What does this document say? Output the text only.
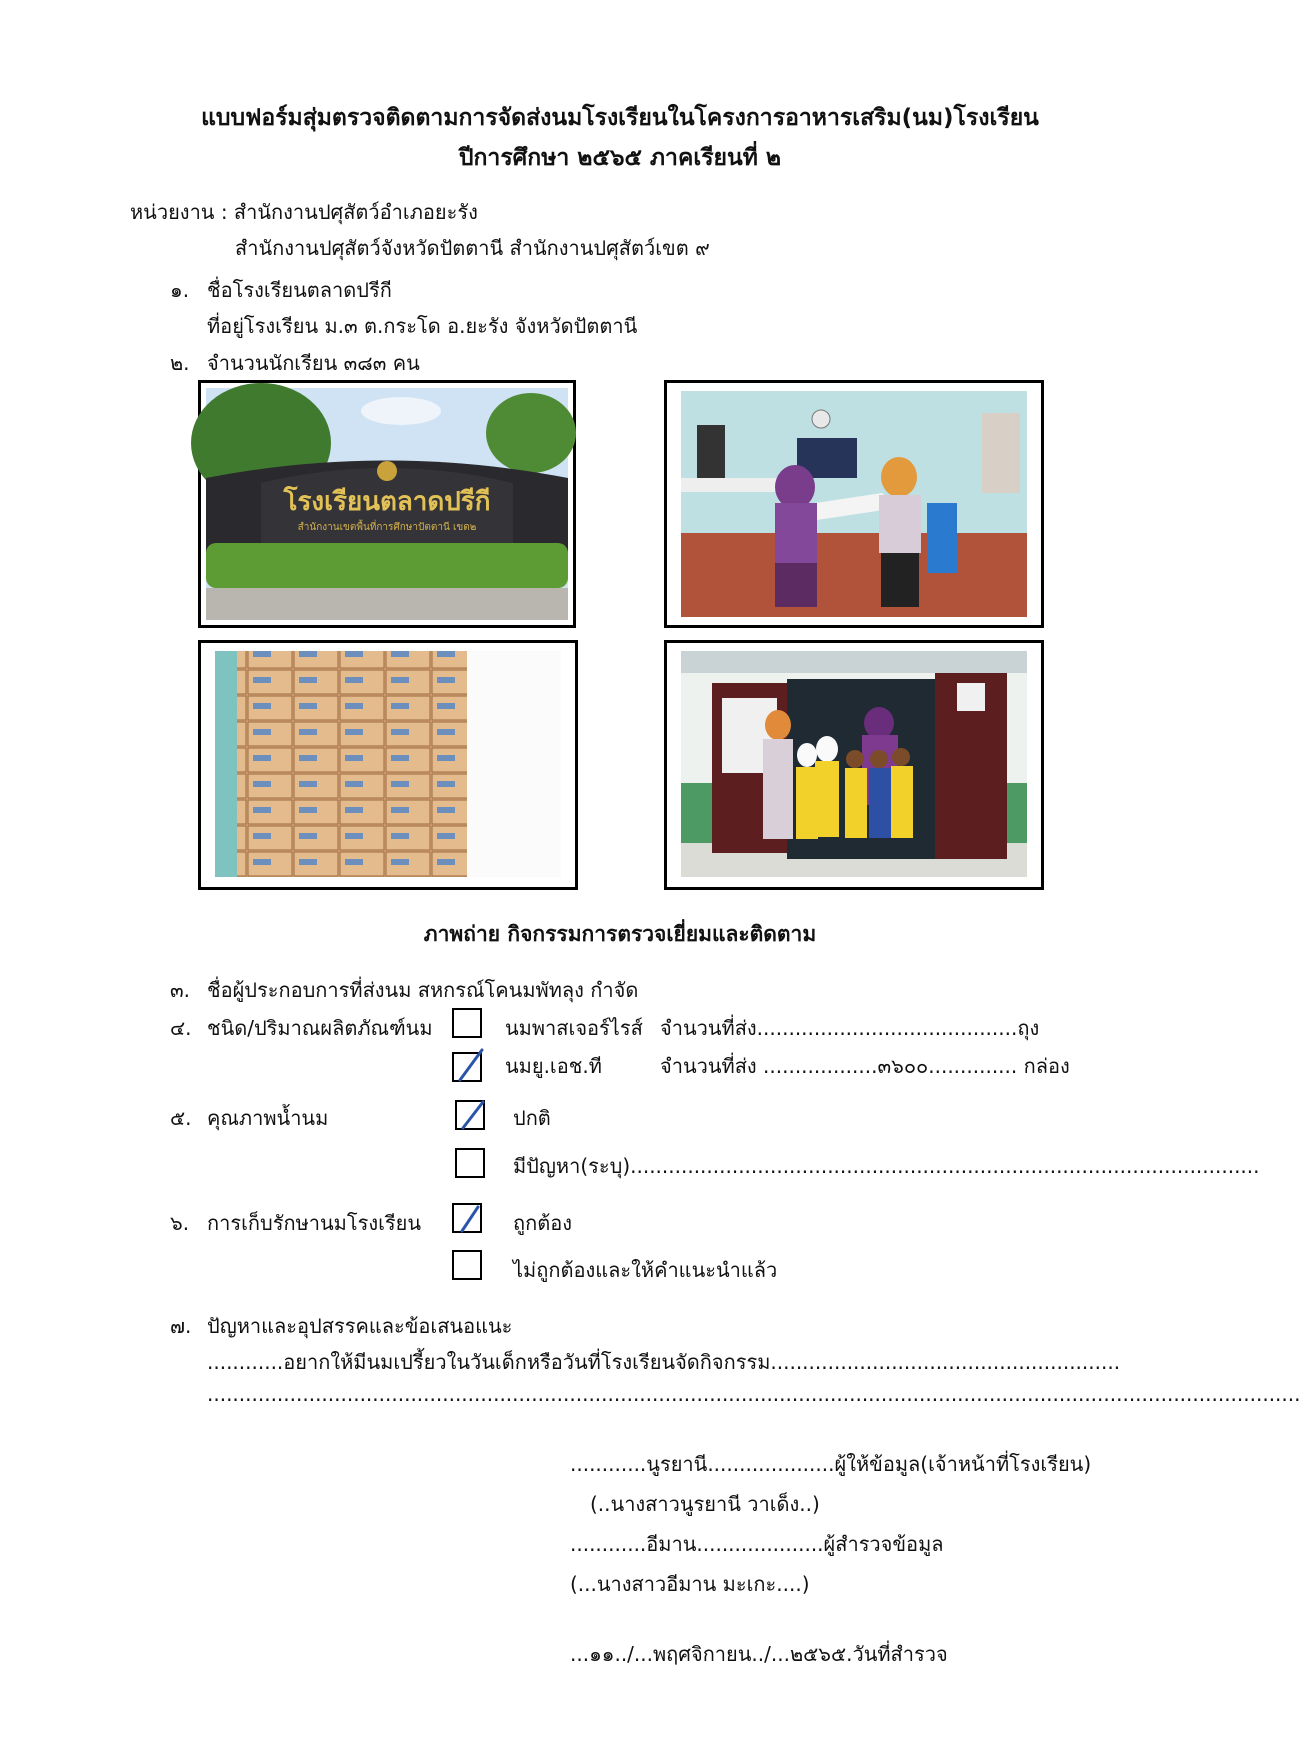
แบบฟอร์มสุ่มตรวจติดตามการจัดส่งนมโรงเรียนในโครงการอาหารเสริม(นม)โรงเรียน
ปีการศึกษา ๒๕๖๕ ภาคเรียนที่ ๒
หน่วยงาน : สำนักงานปศุสัตว์อำเภอยะรัง
สำนักงานปศุสัตว์จังหวัดปัตตานี สำนักงานปศุสัตว์เขต ๙
๑. ชื่อโรงเรียนตลาดปรีกี
ที่อยู่โรงเรียน ม.๓ ต.กระโด อ.ยะรัง จังหวัดปัตตานี
๒. จำนวนนักเรียน ๓๘๓ คน
โรงเรียนตลาดปรีกี
สำนักงานเขตพื้นที่การศึกษาปัตตานี เขต๒
ภาพถ่าย กิจกรรมการตรวจเยี่ยมและติดตาม
๓. ชื่อผู้ประกอบการที่ส่งนม สหกรณ์โคนมพัทลุง กำจัด
๔. ชนิด/ปริมาณผลิตภัณฑ์นม	นมพาสเจอร์ไรส์ จำนวนที่ส่ง.........................................ถุง
นมยู.เอช.ที	จำนวนที่ส่ง ..................๓๖๐๐.............. กล่อง
๕. คุณภาพน้ำนม	ปกติ
มีปัญหา(ระบุ)...................................................................................................
๖. การเก็บรักษานมโรงเรียน	ถูกต้อง
ไม่ถูกต้องและให้คำแนะนำแล้ว
๗. ปัญหาและอุปสรรคและข้อเสนอแนะ
............อยากให้มีนมเปรี้ยวในวันเด็กหรือวันที่โรงเรียนจัดกิจกรรม.......................................................
............................................................................................................................................................................
............นูรยานี....................ผู้ให้ข้อมูล(เจ้าหน้าที่โรงเรียน)
(..นางสาวนูรยานี วาเด็ง..)
............อีมาน....................ผู้สำรวจข้อมูล
(...นางสาวอีมาน มะเกะ....)
...๑๑../...พฤศจิกายน../...๒๕๖๕.วันที่สำรวจ
